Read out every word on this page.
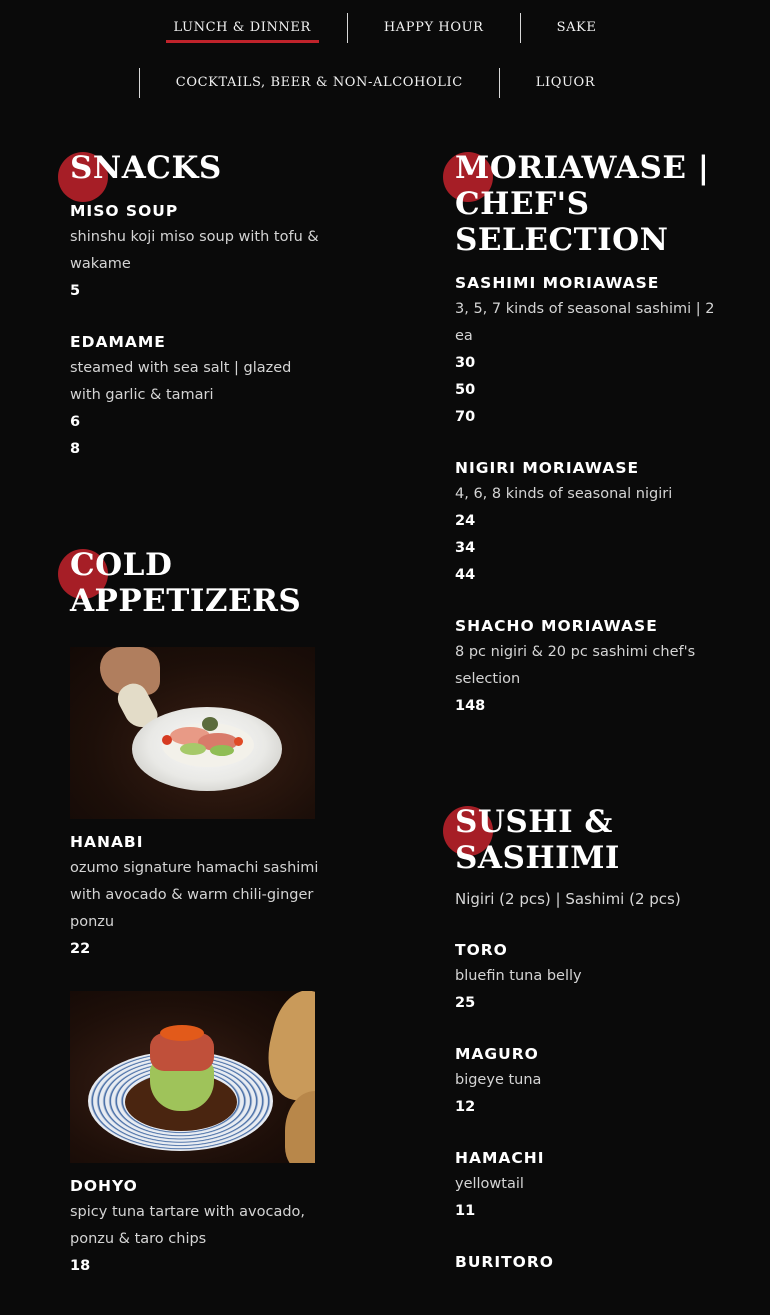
LUNCH & DINNER	HAPPY HOUR	SAKE
COCKTAILS, BEER & NON-ALCOHOLIC	LIQUOR
SNACKS
MISO SOUP
shinshu koji miso soup with tofu & wakame
5
EDAMAME
steamed with sea salt | glazed with garlic & tamari
6
8
COLD
APPETIZERS
HANABI
ozumo signature hamachi sashimi with avocado & warm chili-ginger ponzu
22
DOHYO
spicy tuna tartare with avocado, ponzu & taro chips
18
MORIAWASE |
CHEF'S
SELECTION
SASHIMI MORIAWASE
3, 5, 7 kinds of seasonal sashimi | 2 ea
30
50
70
NIGIRI MORIAWASE
4, 6, 8 kinds of seasonal nigiri
24
34
44
SHACHO MORIAWASE
8 pc nigiri & 20 pc sashimi chef's selection
148
SUSHI &
SASHIMI
Nigiri (2 pcs) | Sashimi (2 pcs)
TORO
bluefin tuna belly
25
MAGURO
bigeye tuna
12
HAMACHI
yellowtail
11
BURITORO
